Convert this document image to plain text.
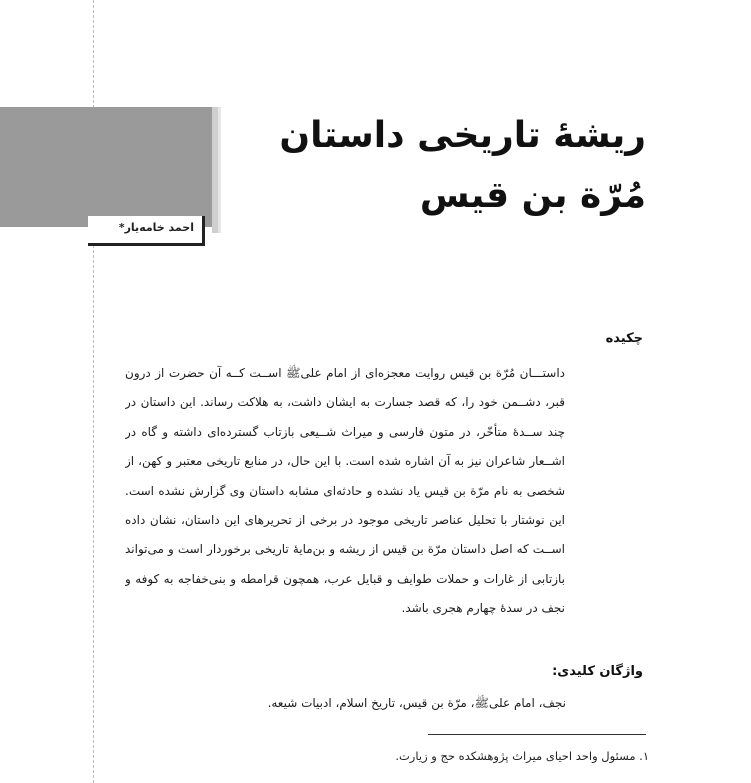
ریشهٔ تاریخی داستان
مُرّة بن قیس
احمد خامه‌یار*
چکیده
داستـــان مُرّة بن قیس روایت معجزه‌ای از امام علی‌ﷺ اســت کــه آن حضرت از درون
قبر، دشــمن خود را، که قصد جسارت به ایشان داشت، به هلاکت رساند. این داستان در
چند ســدهٔ متأخّر، در متون فارسی و میراث شــیعی بازتاب گسترده‌ای داشته و گاه در
اشــعار شاعران نیز به آن اشاره شده است. با این حال، در منابع تاریخی معتبر و کهن، از
شخصی به نام مرّة بن قیس یاد نشده و حادثه‌ای مشابه داستان وی گزارش نشده است.
این نوشتار با تحلیل عناصر تاریخی موجود در برخی از تحریرهای این داستان، نشان داده
اســت که اصل داستان مرّة بن قیس از ریشه و بن‌مایهٔ تاریخی برخوردار است و می‌تواند
بازتابی از غارات و حملات طوایف و قبایل عرب، همچون قرامطه و بنی‌خفاجه به کوفه و
نجف در سدهٔ چهارم هجری باشد.
واژگان کلیدی:
نجف، امام علی‌ﷺ، مرّة بن قیس، تاریخ اسلام، ادبیات شیعه.
۱. مسئول واحد احیای میراث پژوهشکده حج و زیارت.
